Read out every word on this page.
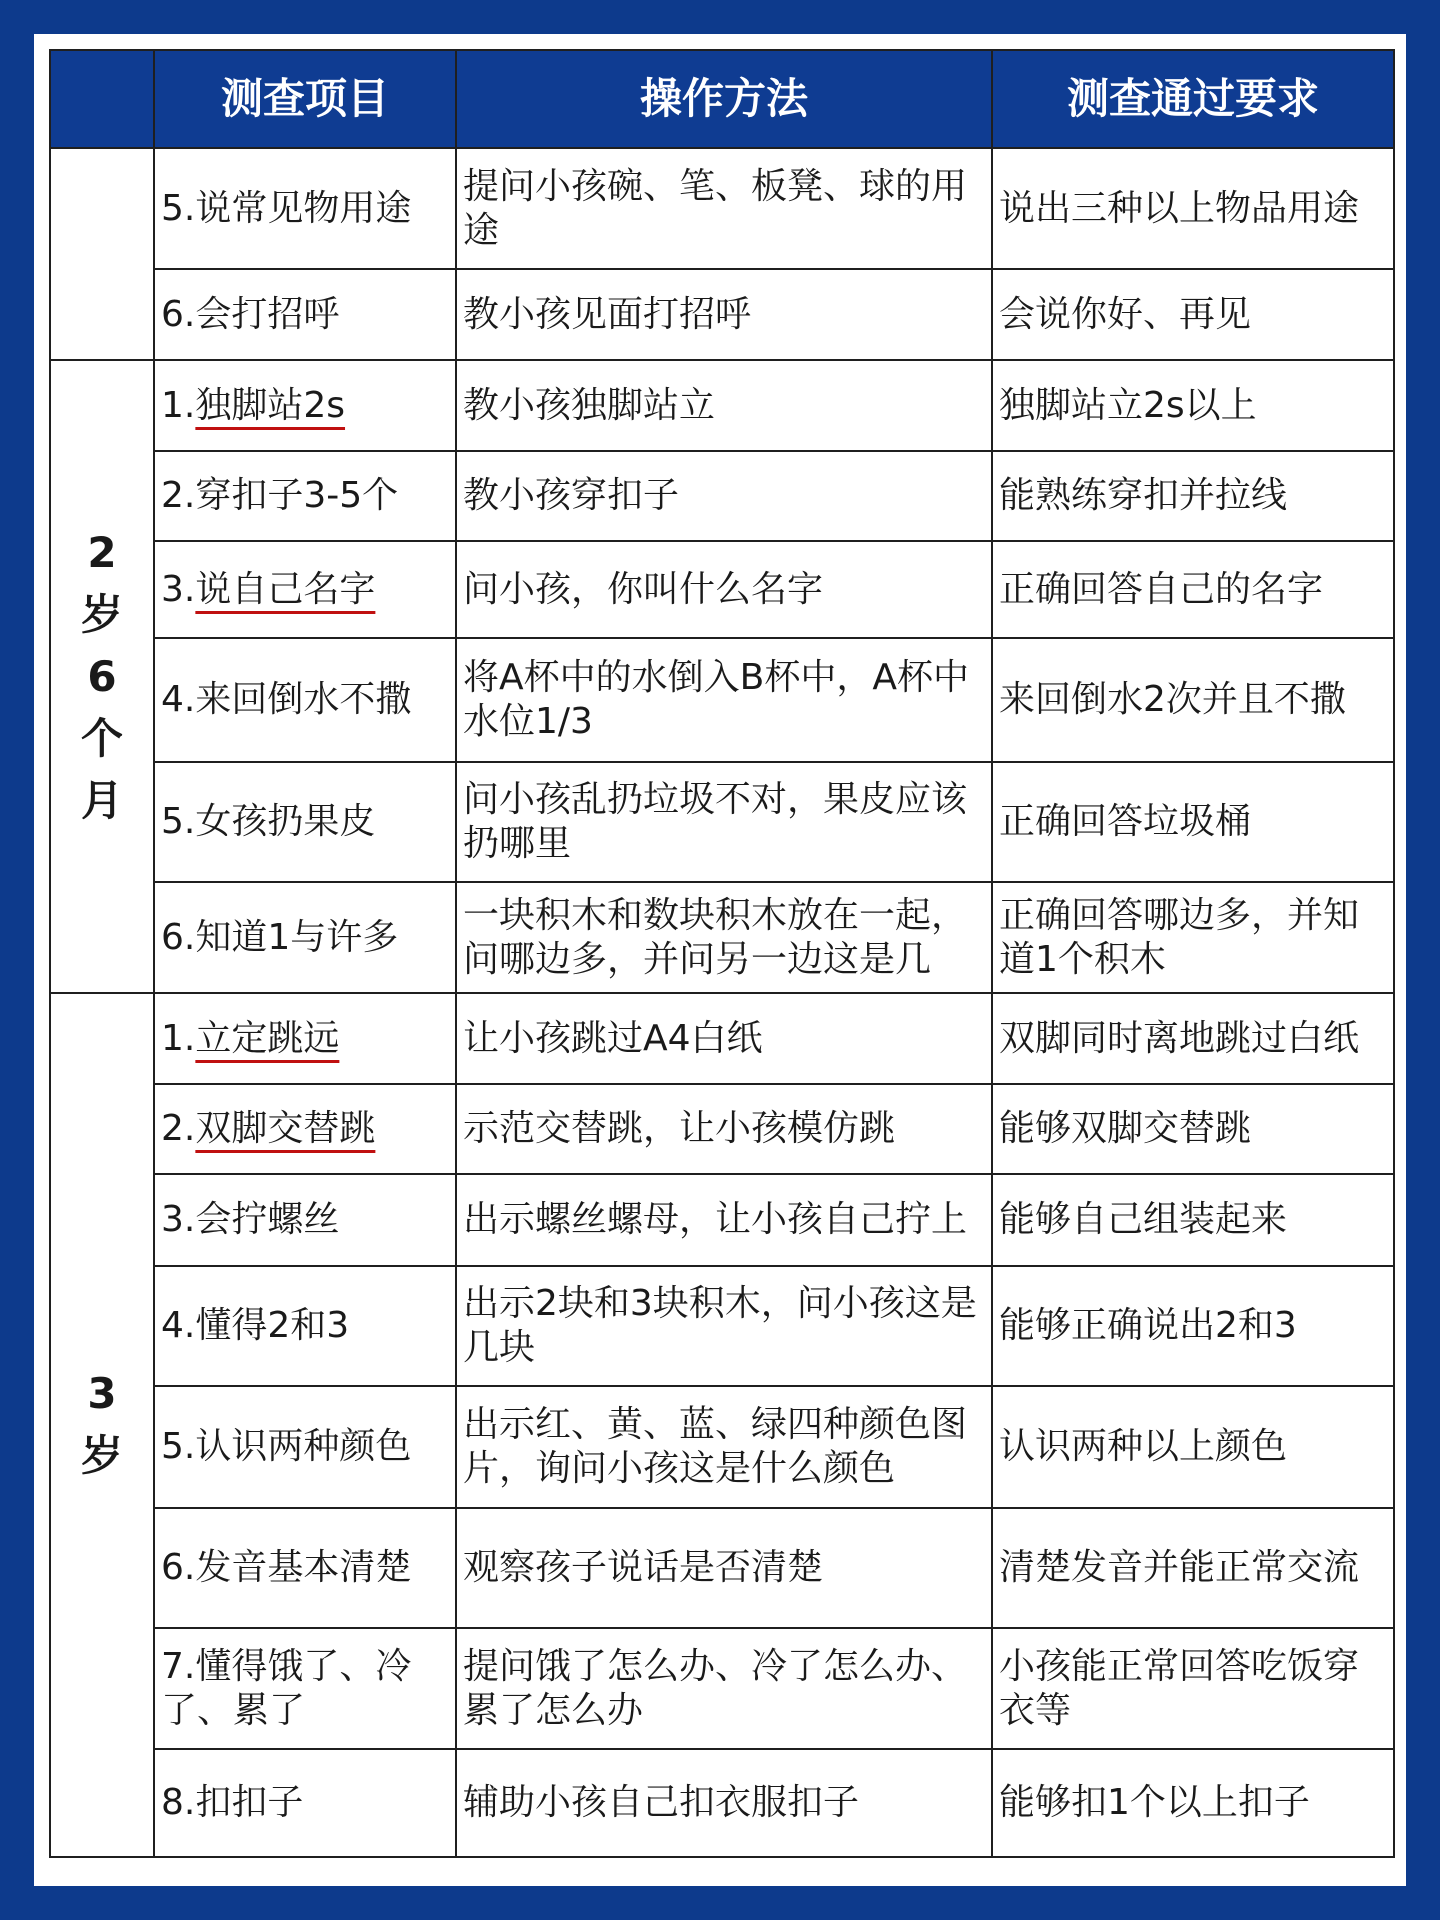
	测查项目	操作方法	测查通过要求
	5.说常见物用途	提问小孩碗、笔、板凳、球的用途	说出三种以上物品用途
	6.会打招呼	教小孩见面打招呼	会说你好、再见

2
岁
6
个
月	1.独脚站2s	教小孩独脚站立	独脚站立2s以上
	2.穿扣子3-5个	教小孩穿扣子	能熟练穿扣并拉线
	3.说自己名字	问小孩，你叫什么名字	正确回答自己的名字
	4.来回倒水不撒	将A杯中的水倒入B杯中，A杯中水位1/3	来回倒水2次并且不撒
	5.女孩扔果皮	问小孩乱扔垃圾不对，果皮应该扔哪里	正确回答垃圾桶
	6.知道1与许多	一块积木和数块积木放在一起，问哪边多，并问另一边这是几	正确回答哪边多，并知道1个积木

3
岁	1.立定跳远	让小孩跳过A4白纸	双脚同时离地跳过白纸
	2.双脚交替跳	示范交替跳，让小孩模仿跳	能够双脚交替跳
	3.会拧螺丝	出示螺丝螺母，让小孩自己拧上	能够自己组装起来
	4.懂得2和3	出示2块和3块积木，问小孩这是几块	能够正确说出2和3
	5.认识两种颜色	出示红、黄、蓝、绿四种颜色图片，询问小孩这是什么颜色	认识两种以上颜色
	6.发音基本清楚	观察孩子说话是否清楚	清楚发音并能正常交流
	7.懂得饿了、冷了、累了	提问饿了怎么办、冷了怎么办、累了怎么办	小孩能正常回答吃饭穿衣等
	8.扣扣子	辅助小孩自己扣衣服扣子	能够扣1个以上扣子
